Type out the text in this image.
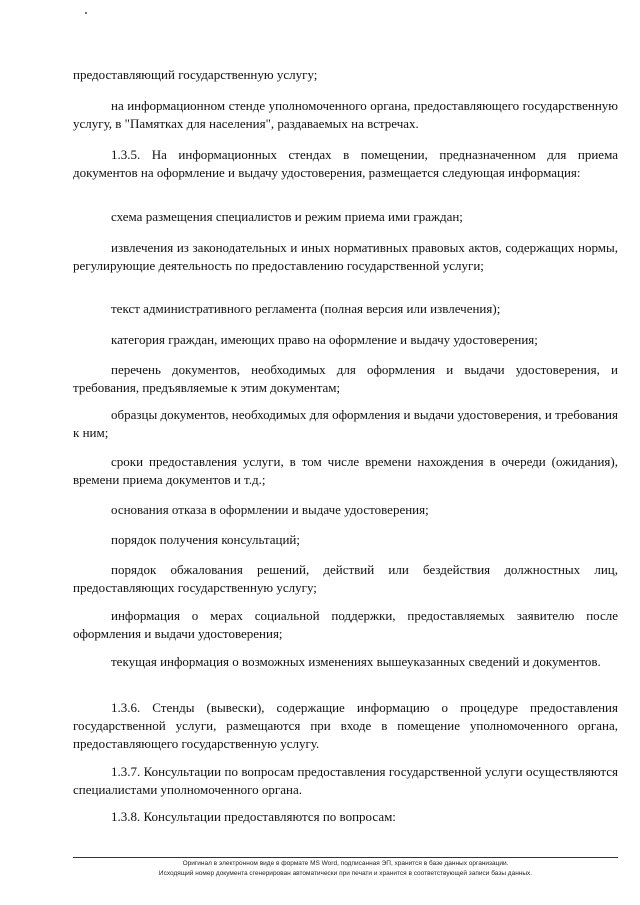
предоставляющий государственную услугу;

на информационном стенде уполномоченного органа, предоставляющего государственную услугу, в "Памятках для населения", раздаваемых на встречах.

1.3.5. На информационных стендах в помещении, предназначенном для приема документов на оформление и выдачу удостоверения, размещается следующая информация:

схема размещения специалистов и режим приема ими граждан;

извлечения из законодательных и иных нормативных правовых актов, содержащих нормы, регулирующие деятельность по предоставлению государственной услуги;

текст административного регламента (полная версия или извлечения);

категория граждан, имеющих право на оформление и выдачу удостоверения;

перечень документов, необходимых для оформления и выдачи удостоверения, и требования, предъявляемые к этим документам;

образцы документов, необходимых для оформления и выдачи удостоверения, и требования к ним;

сроки предоставления услуги, в том числе времени нахождения в очереди (ожидания), времени приема документов и т.д.;

основания отказа в оформлении и выдаче удостоверения;

порядок получения консультаций;

порядок обжалования решений, действий или бездействия должностных лиц, предоставляющих государственную услугу;

информация о мерах социальной поддержки, предоставляемых заявителю после оформления и выдачи удостоверения;

текущая информация о возможных изменениях вышеуказанных сведений и документов.

1.3.6. Стенды (вывески), содержащие информацию о процедуре предоставления государственной услуги, размещаются при входе в помещение уполномоченного органа, предоставляющего государственную услугу.

1.3.7. Консультации по вопросам предоставления государственной услуги осуществляются специалистами уполномоченного органа.

1.3.8. Консультации предоставляются по вопросам:

Оригинал в электронном виде в формате MS Word, подписанная ЭП, хранится в базе данных организации.

Исходящий номер документа сгенерирован автоматически при печати и хранится в соответствующей записи базы данных.
